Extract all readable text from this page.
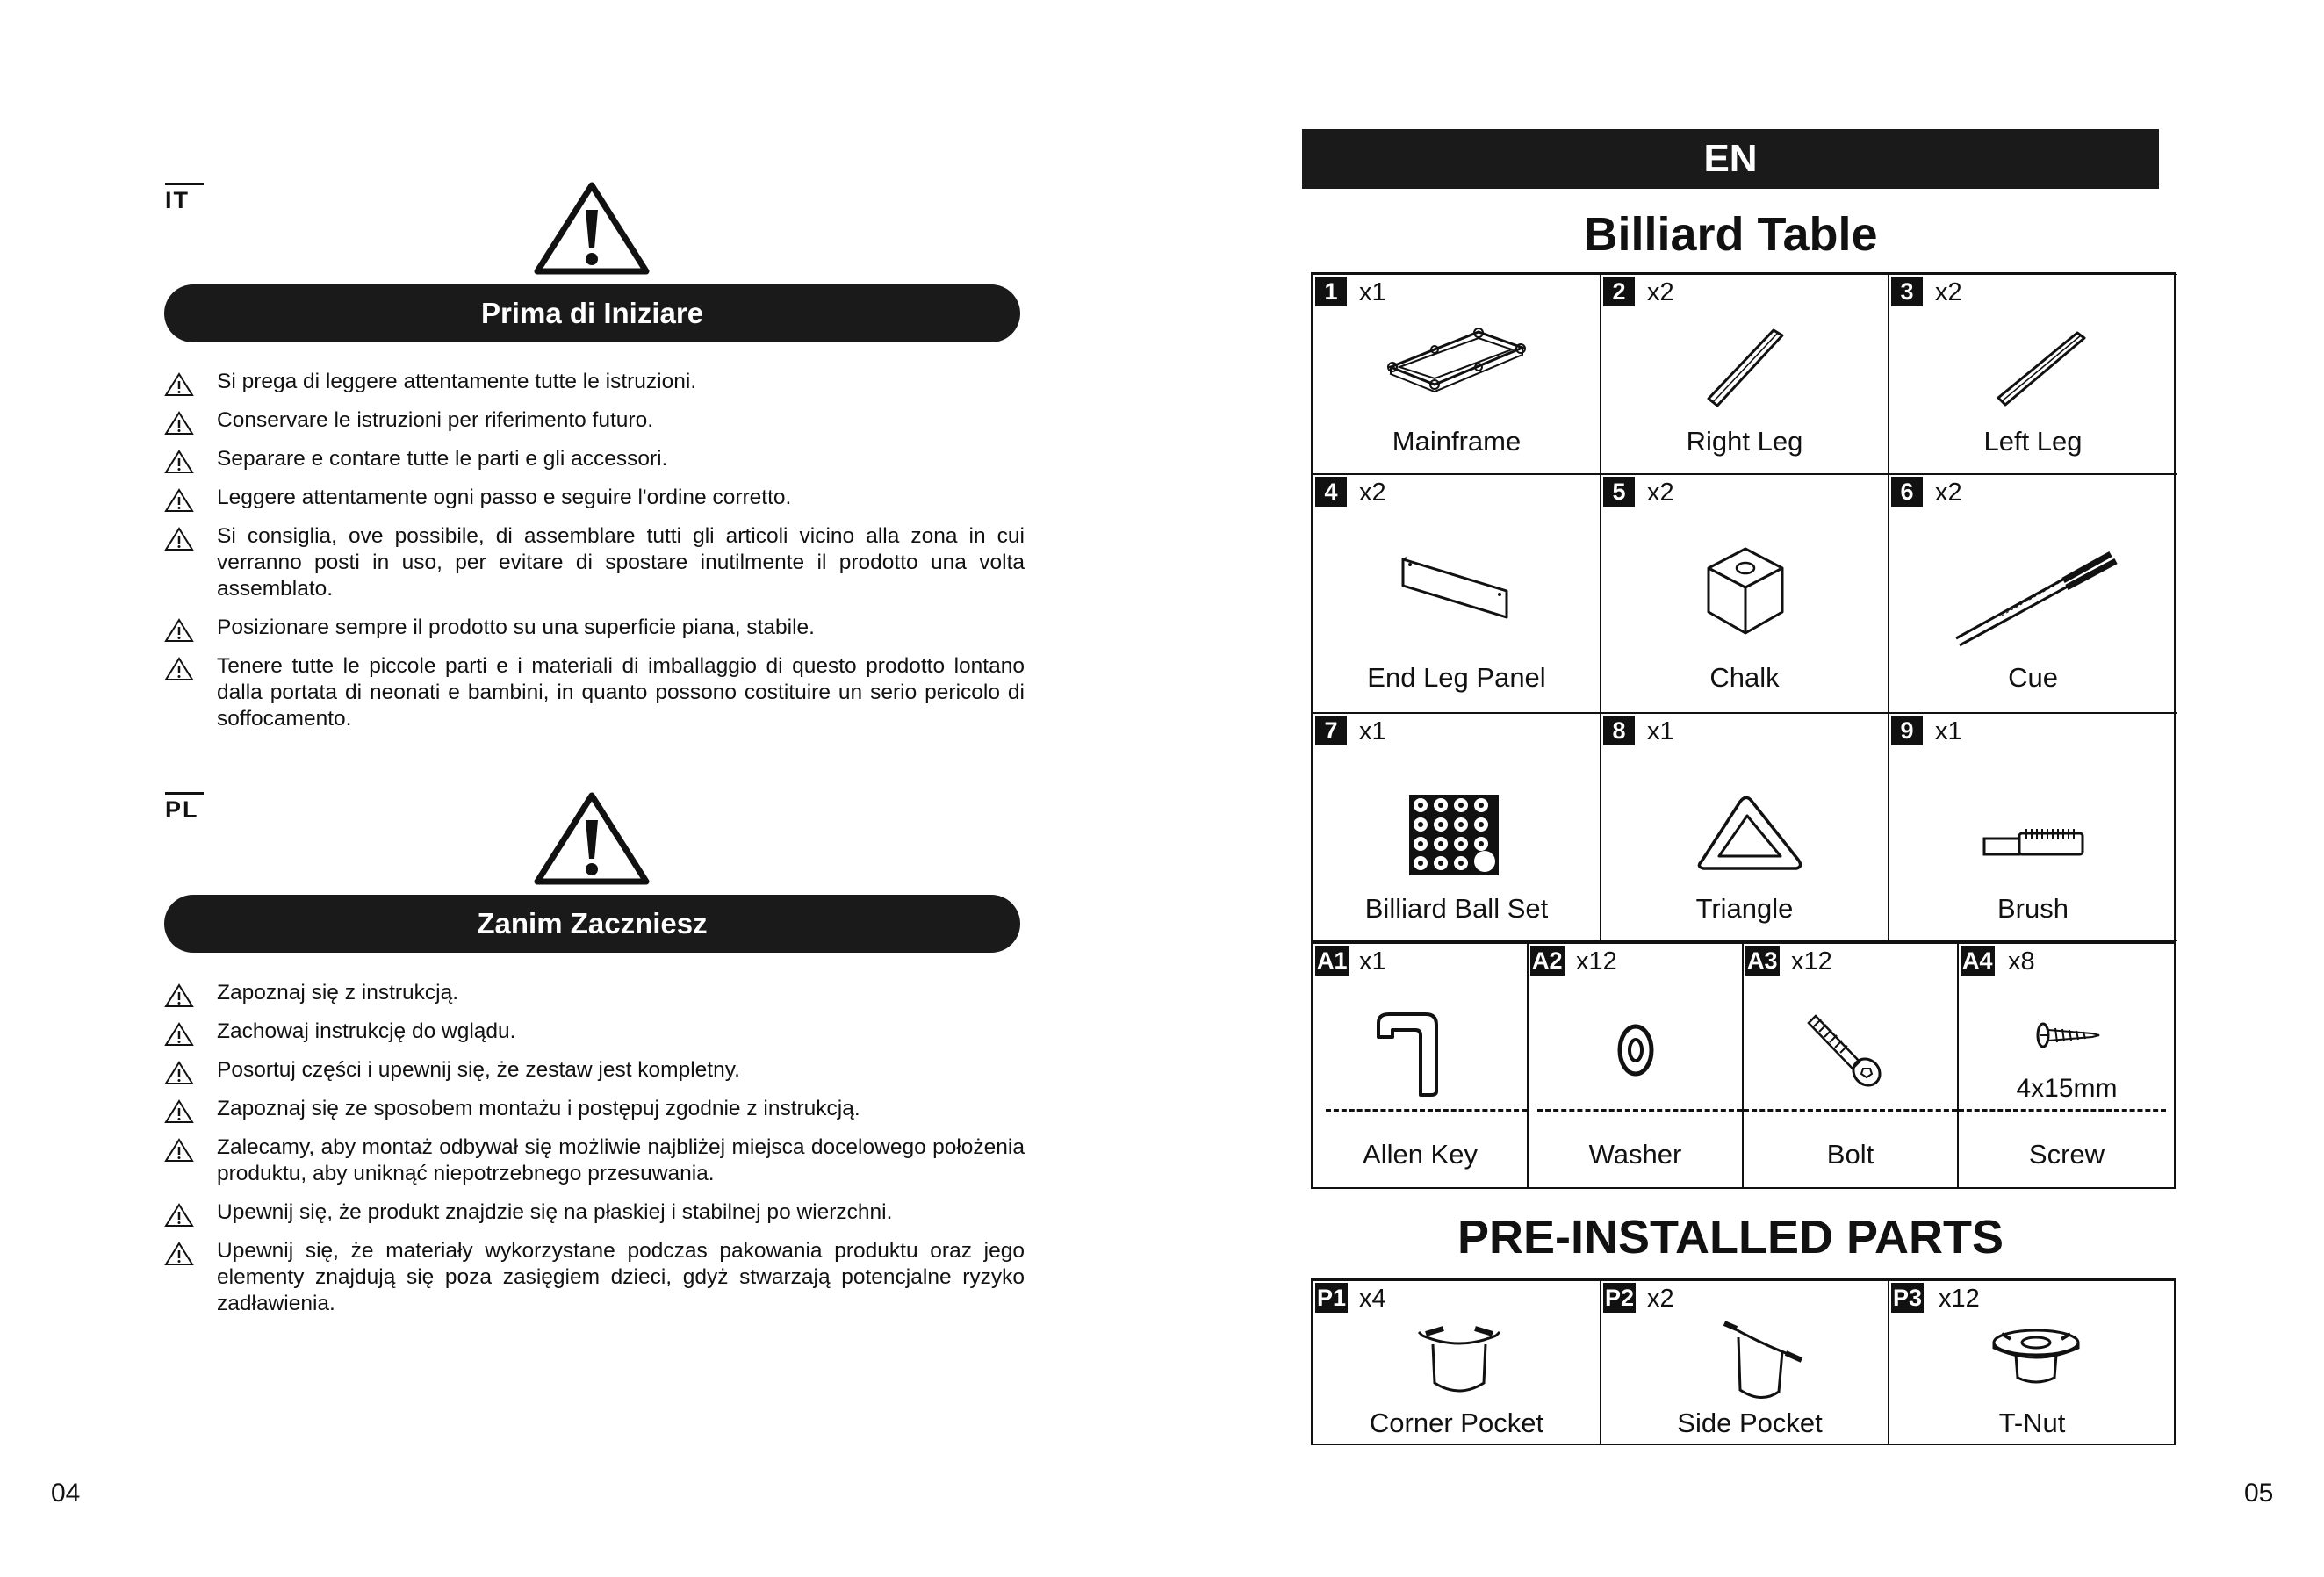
IT
Prima di Iniziare
Si prega di leggere attentamente tutte le istruzioni.
Conservare le istruzioni per riferimento futuro.
Separare e contare tutte le parti e gli accessori.
Leggere attentamente ogni passo e seguire l'ordine corretto.
Si consiglia, ove possibile, di assemblare tutti gli articoli vicino alla zona in cui verranno posti in uso, per evitare di spostare inutilmente il prodotto una volta assemblato.
Posizionare sempre il prodotto su una superficie piana, stabile.
Tenere tutte le piccole parti e i materiali di imballaggio di questo prodotto lontano dalla portata di neonati e bambini, in quanto possono costituire un serio pericolo di soffocamento.
PL
Zanim Zaczniesz
Zapoznaj się z instrukcją.
Zachowaj instrukcję do wglądu.
Posortuj części i upewnij się, że zestaw jest kompletny.
Zapoznaj się ze sposobem montażu i postępuj zgodnie z instrukcją.
Zalecamy, aby montaż odbywał się możliwie najbliżej miejsca docelowego położenia produktu, aby uniknąć niepotrzebnego przesuwania.
Upewnij się, że produkt znajdzie się na płaskiej i stabilnej po wierzchni.
Upewnij się, że materiały wykorzystane podczas pakowania produktu oraz jego elementy znajdują się poza zasięgiem dzieci, gdyż stwarzają potencjalne ryzyko zadławienia.
04
EN
Billiard Table
1 x1
Mainframe
2 x2
Right Leg
3 x2
Left Leg
4 x2
End Leg Panel
5 x2
Chalk
6 x2
Cue
7 x1
Billiard Ball Set
8 x1
Triangle
9 x1
Brush
A1 x1
Allen Key
A2 x12
Washer
A3 x12
Bolt
A4 x8
4x15mm
Screw
PRE-INSTALLED PARTS
P1 x4
Corner Pocket
P2 x2
Side Pocket
P3 x12
T-Nut
05
